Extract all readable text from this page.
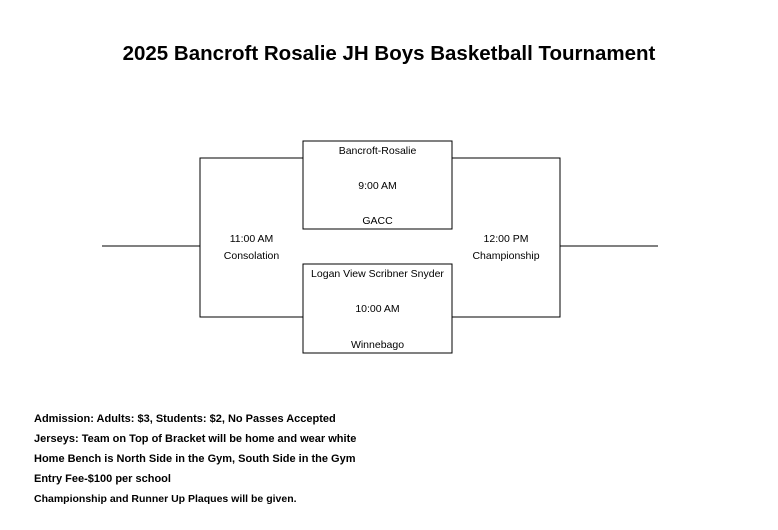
2025 Bancroft Rosalie JH Boys Basketball Tournament
Bancroft-Rosalie
9:00 AM
GACC
Logan View Scribner Snyder
10:00 AM
Winnebago
11:00 AM
Consolation
12:00 PM
Championship
Admission: Adults: $3, Students: $2, No Passes Accepted
Jerseys: Team on Top of Bracket will be home and wear white
Home Bench is North Side in the Gym, South Side in the Gym
Entry Fee-$100 per school
Championship and Runner Up Plaques will be given.
